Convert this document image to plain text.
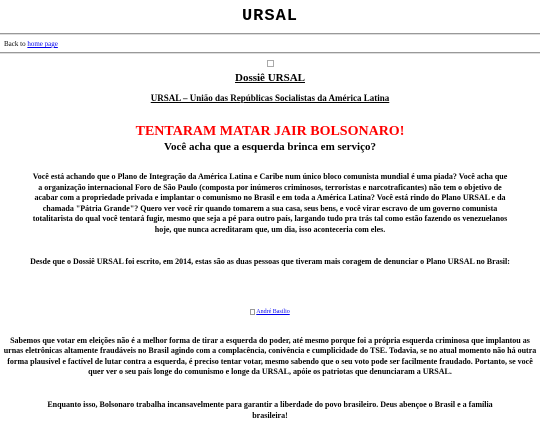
URSAL
Back to home page
Dossiê URSAL
URSAL – União das Repúblicas Socialistas da América Latina
TENTARAM MATAR JAIR BOLSONARO!
Você acha que a esquerda brinca em serviço?

Você está achando que o Plano de Integração da América Latina e Caribe num único bloco comunista mundial é uma piada? Você acha que a organização internacional Foro de São Paulo (composta por inúmeros criminosos, terroristas e narcotraficantes) não tem o objetivo de acabar com a propriedade privada e implantar o comunismo no Brasil e em toda a América Latina? Você está rindo do Plano URSAL e da chamada "Pátria Grande"? Quero ver você rir quando tomarem a sua casa, seus bens, e você virar escravo de um governo comunista totalitarista do qual você tentará fugir, mesmo que seja a pé para outro país, largando tudo pra trás tal como estão fazendo os venezuelanos hoje, que nunca acreditaram que, um dia, isso aconteceria com eles.

Desde que o Dossiê URSAL foi escrito, em 2014, estas são as duas pessoas que tiveram mais coragem de denunciar o Plano URSAL no Brasil:

André Basilio

Sabemos que votar em eleições não é a melhor forma de tirar a esquerda do poder, até mesmo porque foi a própria esquerda criminosa que implantou as urnas eletrônicas altamente fraudáveis no Brasil agindo com a complacência, conivência e cumplicidade do TSE. Todavia, se no atual momento não há outra forma plausível e factível de lutar contra a esquerda, é preciso tentar votar, mesmo sabendo que o seu voto pode ser facilmente fraudado. Portanto, se você quer ver o seu país longe do comunismo e longe da URSAL, apóie os patriotas que denunciaram a URSAL.

Enquanto isso, Bolsonaro trabalha incansavelmente para garantir a liberdade do povo brasileiro. Deus abençoe o Brasil e a família brasileira!
